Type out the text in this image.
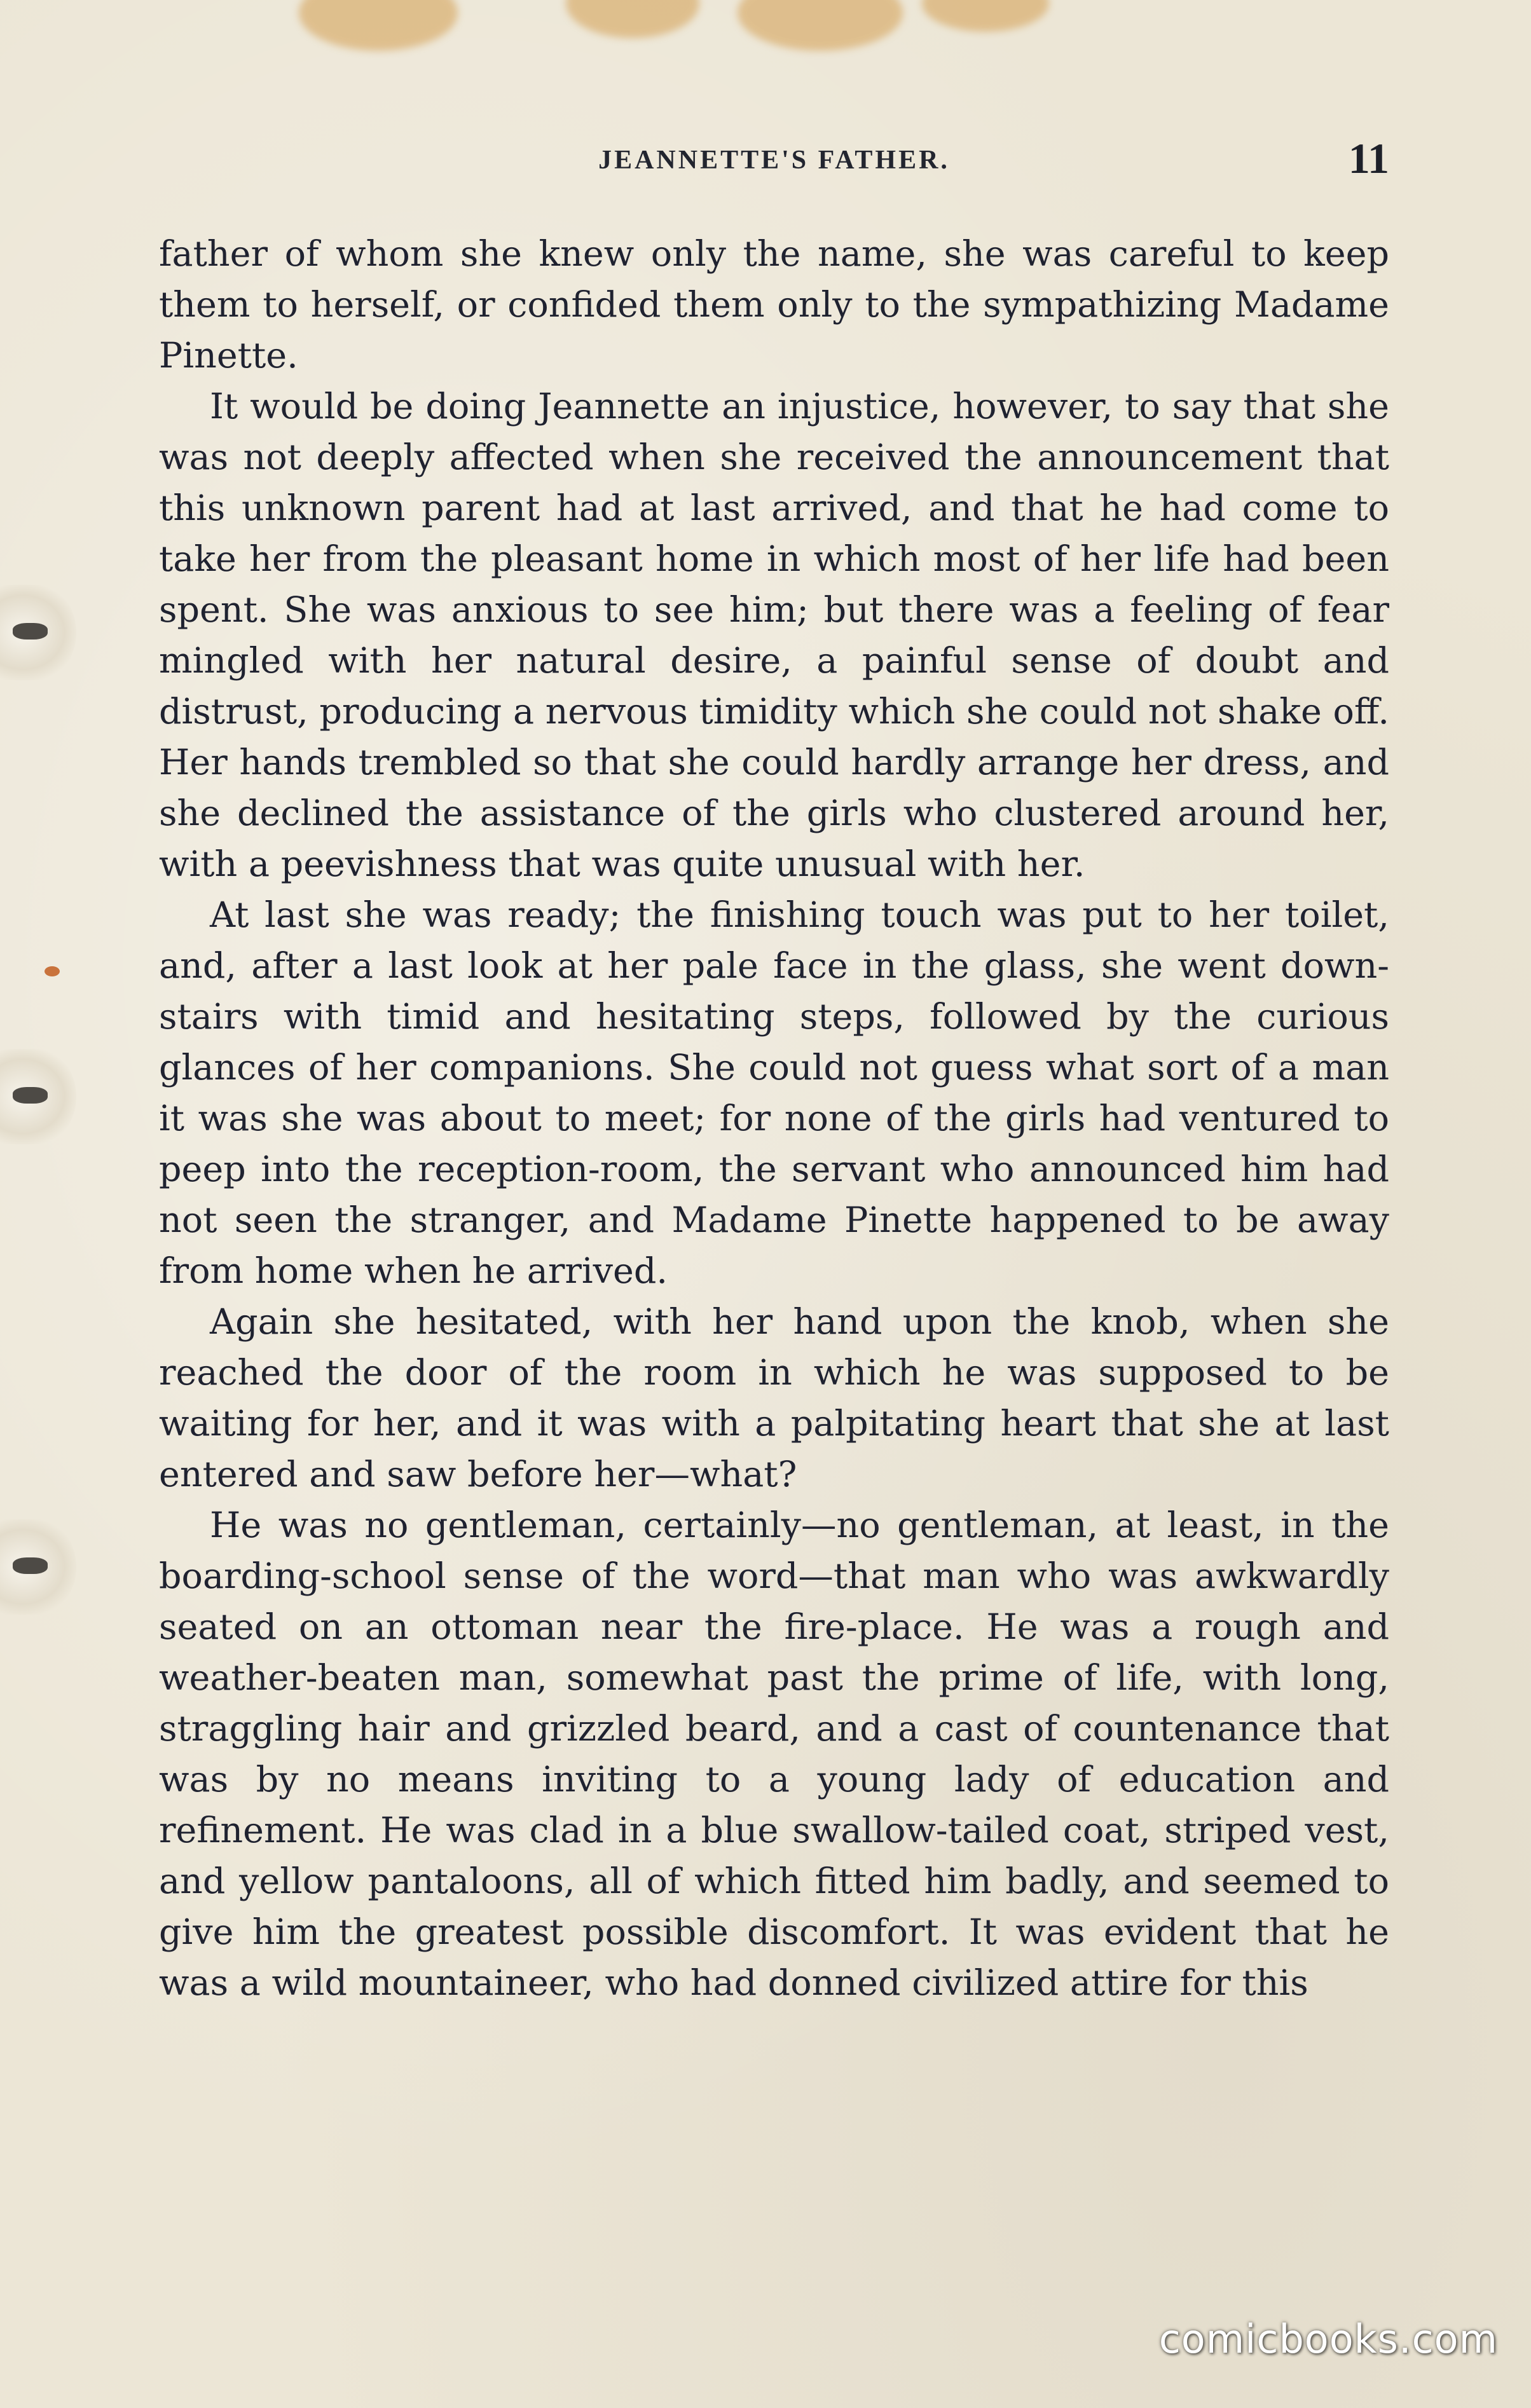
JEANNETTE'S FATHER.	11

father of whom she knew only the name, she was careful to keep them to herself, or confided them only to the sympathizing Madame Pinette.

It would be doing Jeannette an injustice, however, to say that she was not deeply affected when she received the announcement that this unknown parent had at last arrived, and that he had come to take her from the pleasant home in which most of her life had been spent. She was anxious to see him; but there was a feeling of fear mingled with her natural desire, a painful sense of doubt and distrust, producing a nervous timidity which she could not shake off. Her hands trembled so that she could hardly arrange her dress, and she declined the assistance of the girls who clustered around her, with a peevishness that was quite unusual with her.

At last she was ready; the finishing touch was put to her toilet, and, after a last look at her pale face in the glass, she went down-stairs with timid and hesitating steps, followed by the curious glances of her companions. She could not guess what sort of a man it was she was about to meet; for none of the girls had ventured to peep into the reception-room, the servant who announced him had not seen the stranger, and Madame Pinette happened to be away from home when he arrived.

Again she hesitated, with her hand upon the knob, when she reached the door of the room in which he was supposed to be waiting for her, and it was with a palpitating heart that she at last entered and saw before her—what?

He was no gentleman, certainly—no gentleman, at least, in the boarding-school sense of the word—that man who was awkwardly seated on an ottoman near the fire-place. He was a rough and weather-beaten man, somewhat past the prime of life, with long, straggling hair and grizzled beard, and a cast of countenance that was by no means inviting to a young lady of education and refinement. He was clad in a blue swallow-tailed coat, striped vest, and yellow pantaloons, all of which fitted him badly, and seemed to give him the greatest possible discomfort. It was evident that he was a wild mountaineer, who had donned civilized attire for this

comicbooks.com
